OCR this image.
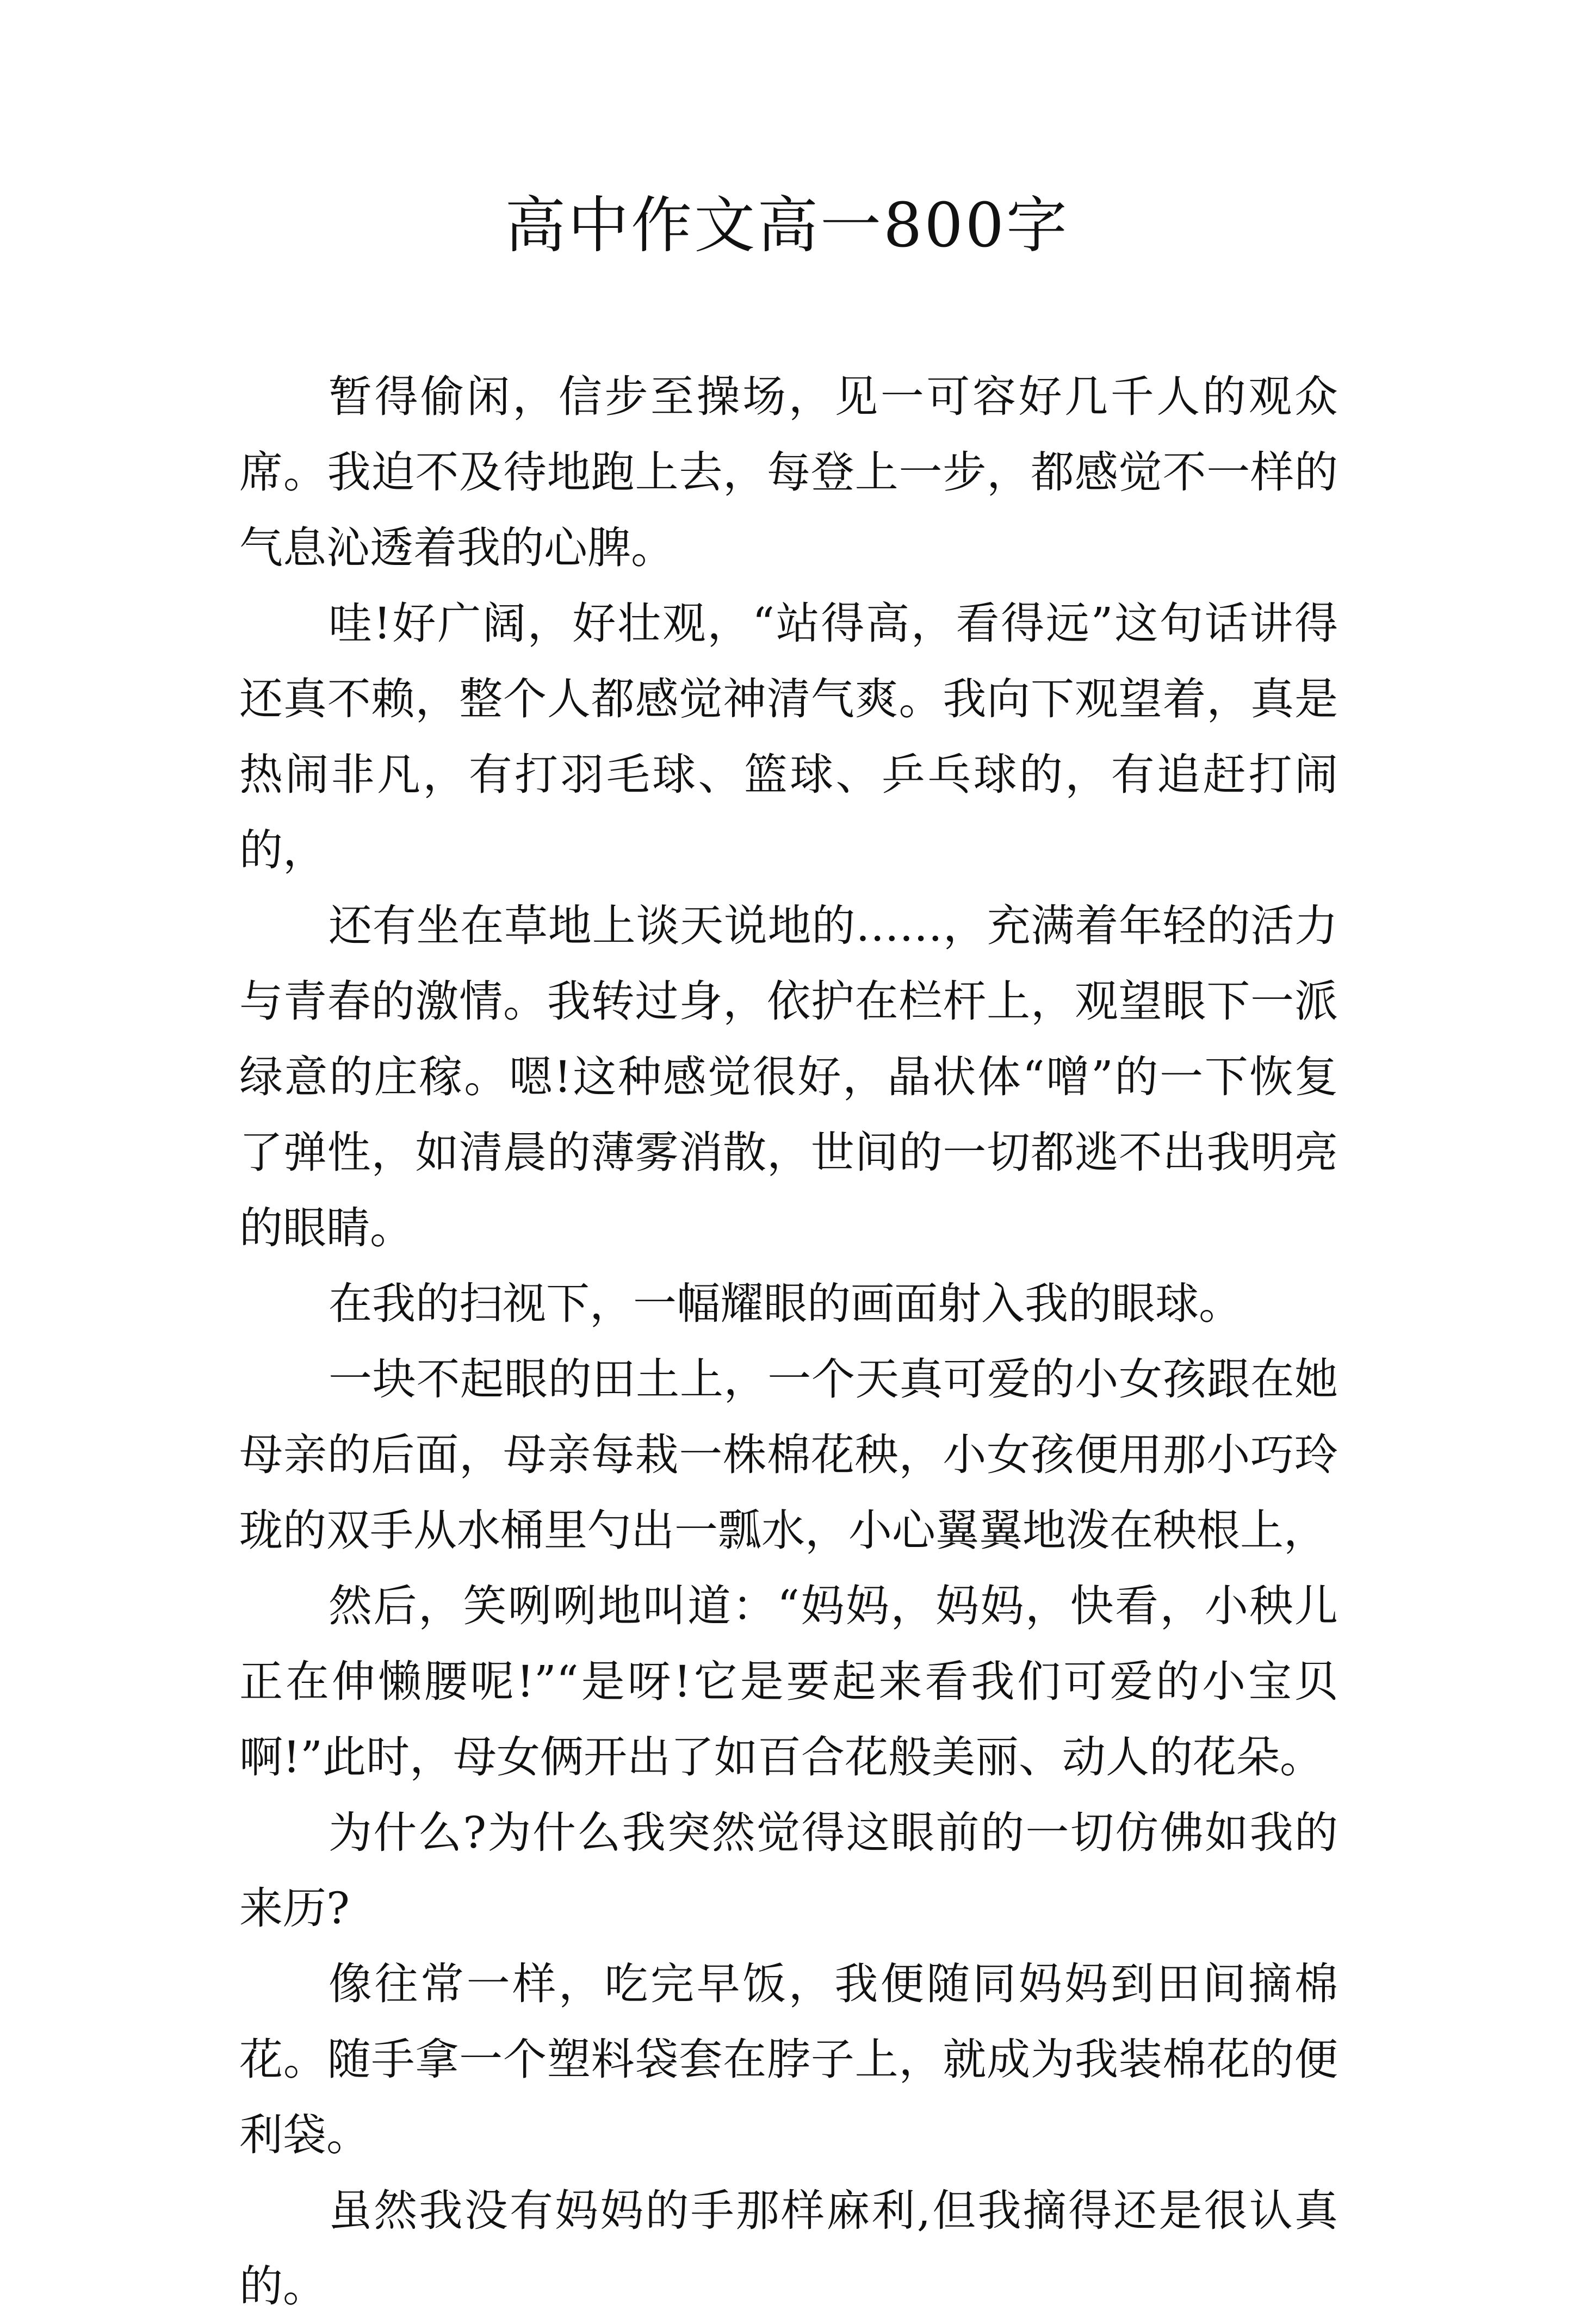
高中作文高一800字

暂得偷闲，信步至操场，见一可容好几千人的观众席。我迫不及待地跑上去，每登上一步，都感觉不一样的气息沁透着我的心脾。

哇!好广阔，好壮观，“站得高，看得远”这句话讲得还真不赖，整个人都感觉神清气爽。我向下观望着，真是热闹非凡，有打羽毛球、篮球、乒乓球的，有追赶打闹的，

还有坐在草地上谈天说地的……，充满着年轻的活力与青春的激情。我转过身，依护在栏杆上，观望眼下一派绿意的庄稼。嗯!这种感觉很好，晶状体“噌”的一下恢复了弹性，如清晨的薄雾消散，世间的一切都逃不出我明亮的眼睛。

在我的扫视下，一幅耀眼的画面射入我的眼球。

一块不起眼的田土上，一个天真可爱的小女孩跟在她母亲的后面，母亲每栽一株棉花秧，小女孩便用那小巧玲珑的双手从水桶里勺出一瓢水，小心翼翼地泼在秧根上，

然后，笑咧咧地叫道：“妈妈，妈妈，快看，小秧儿正在伸懒腰呢!”“是呀!它是要起来看我们可爱的小宝贝啊!”此时，母女俩开出了如百合花般美丽、动人的花朵。

为什么?为什么我突然觉得这眼前的一切仿佛如我的来历?

像往常一样，吃完早饭，我便随同妈妈到田间摘棉花。随手拿一个塑料袋套在脖子上，就成为我装棉花的便利袋。

虽然我没有妈妈的手那样麻利,但我摘得还是很认真的。
